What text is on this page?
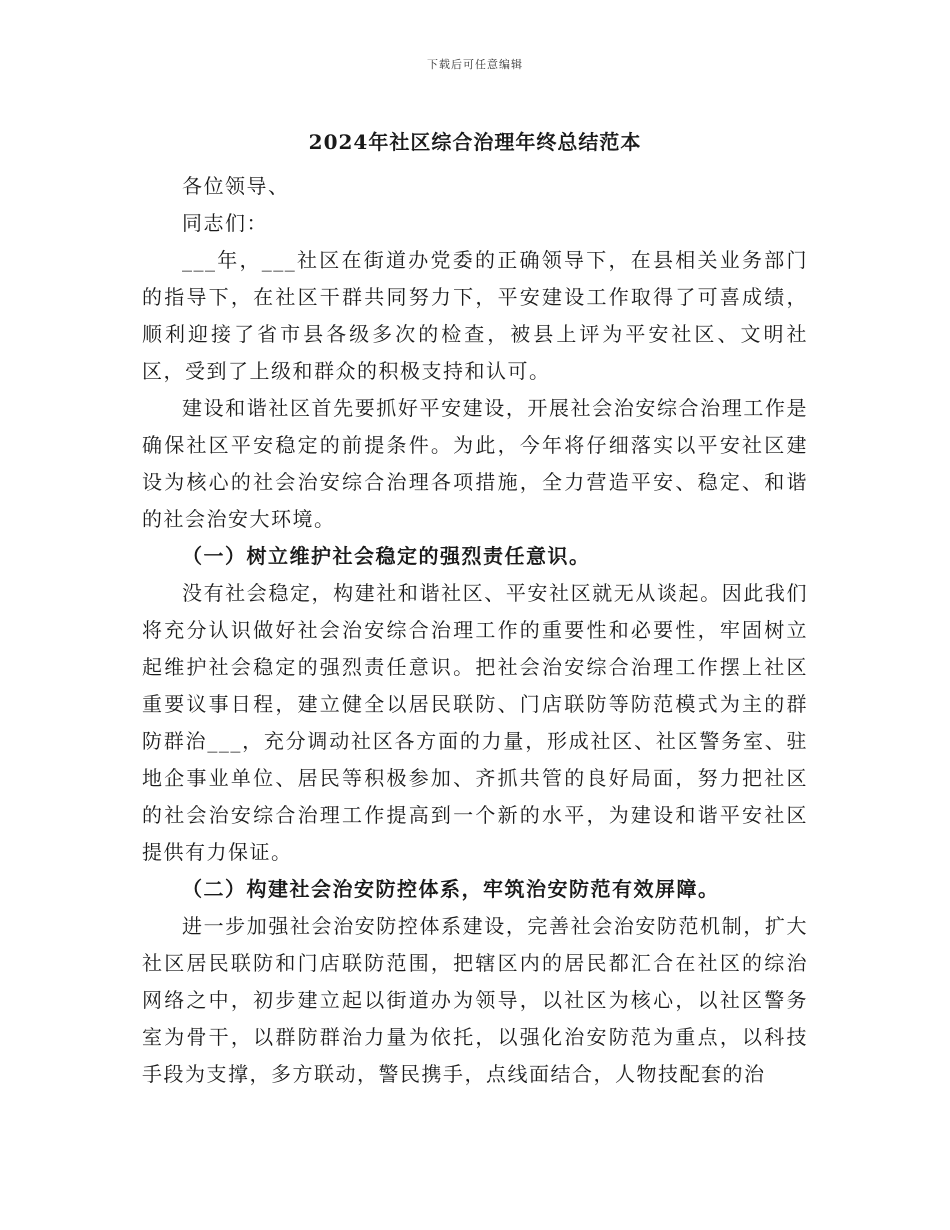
下载后可任意编辑
2024年社区综合治理年终总结范本

各位领导、

同志们：

___年，___社区在街道办党委的正确领导下，在县相关业务部门的指导下，在社区干群共同努力下，平安建设工作取得了可喜成绩，顺利迎接了省市县各级多次的检查，被县上评为平安社区、文明社区，受到了上级和群众的积极支持和认可。

建设和谐社区首先要抓好平安建设，开展社会治安综合治理工作是确保社区平安稳定的前提条件。为此，今年将仔细落实以平安社区建设为核心的社会治安综合治理各项措施，全力营造平安、稳定、和谐的社会治安大环境。

（一）树立维护社会稳定的强烈责任意识。

没有社会稳定，构建社和谐社区、平安社区就无从谈起。因此我们将充分认识做好社会治安综合治理工作的重要性和必要性，牢固树立起维护社会稳定的强烈责任意识。把社会治安综合治理工作摆上社区重要议事日程，建立健全以居民联防、门店联防等防范模式为主的群防群治___，充分调动社区各方面的力量，形成社区、社区警务室、驻地企事业单位、居民等积极参加、齐抓共管的良好局面，努力把社区的社会治安综合治理工作提高到一个新的水平，为建设和谐平安社区提供有力保证。

（二）构建社会治安防控体系，牢筑治安防范有效屏障。

进一步加强社会治安防控体系建设，完善社会治安防范机制，扩大社区居民联防和门店联防范围，把辖区内的居民都汇合在社区的综治网络之中，初步建立起以街道办为领导，以社区为核心，以社区警务室为骨干，以群防群治力量为依托，以强化治安防范为重点，以科技手段为支撑，多方联动，警民携手，点线面结合，人物技配套的治
